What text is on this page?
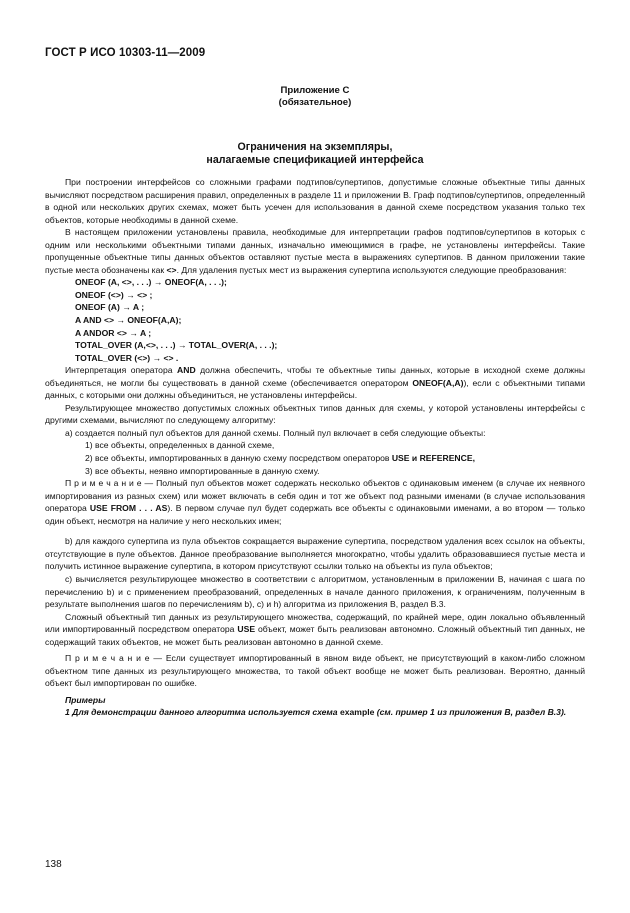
ГОСТ Р ИСО 10303-11—2009
Приложение С
(обязательное)
Ограничения на экземпляры,
налагаемые спецификацией интерфейса

При построении интерфейсов со сложными графами подтипов/супертипов, допустимые сложные объектные типы данных вычисляют посредством расширения правил, определенных в разделе 11 и приложении В. Граф подтипов/супертипов, определенный в одной или нескольких других схемах, может быть усечен для использования в данной схеме посредством указания только тех объектов, которые необходимы в данной схеме.

В настоящем приложении установлены правила, необходимые для интерпретации графов подтипов/супертипов в которых с одним или несколькими объектными типами данных, изначально имеющимися в графе, не установлены интерфейсы. Такие пропущенные объектные типы данных объектов оставляют пустые места в выражениях супертипов. В данном приложении такие пустые места обозначены как <>. Для удаления пустых мест из выражения супертипа используются следующие преобразования:

ONEOF (A, <>, . . .) → ONEOF(A, . . .);
ONEOF (<>) → <> ;
ONEOF (A) → A ;
A AND <> → ONEOF(A,A);
A ANDOR <> → A ;
TOTAL_OVER (A,<>, . . .) → TOTAL_OVER(A, . . .);
TOTAL_OVER (<>) → <> .

Интерпретация оператора AND должна обеспечить, чтобы те объектные типы данных, которые в исходной схеме должны объединяться, не могли бы существовать в данной схеме (обеспечивается оператором ONEOF(A,A)), если с объектными типами данных, с которыми они должны объединиться, не установлены интерфейсы.

Результирующее множество допустимых сложных объектных типов данных для схемы, у которой установлены интерфейсы с другими схемами, вычисляют по следующему алгоритму:

а) создается полный пул объектов для данной схемы. Полный пул включает в себя следующие объекты:

1) все объекты, определенных в данной схеме,
2) все объекты, импортированных в данную схему посредством операторов USE и REFERENCE,
3) все объекты, неявно импортированные в данную схему.

П р и м е ч а н и е — Полный пул объектов может содержать несколько объектов с одинаковым именем (в случае их неявного импортирования из разных схем) или может включать в себя один и тот же объект под разными именами (в случае использования оператора USE FROM . . . AS). В первом случае пул будет содержать все объекты с одинаковыми именами, а во втором — только один объект, несмотря на наличие у него нескольких имен;

b) для каждого супертипа из пула объектов сокращается выражение супертипа, посредством удаления всех ссылок на объекты, отсутствующие в пуле объектов. Данное преобразование выполняется многократно, чтобы удалить образовавшиеся пустые места и получить истинное выражение супертипа, в котором присутствуют ссылки только на объекты из пула объектов;

с) вычисляется результирующее множество в соответствии с алгоритмом, установленным в приложении В, начиная с шага по перечислению b) и с применением преобразований, определенных в начале данного приложения, к ограничениям, полученным в результате выполнения шагов по перечислениям b), с) и h) алгоритма из приложения В, раздел В.3.

Сложный объектный тип данных из результирующего множества, содержащий, по крайней мере, один локально объявленный или импортированный посредством оператора USE объект, может быть реализован автономно. Сложный объектный тип данных, не содержащий таких объектов, не может быть реализован автономно в данной схеме.

П р и м е ч а н и е — Если существует импортированный в явном виде объект, не присутствующий в каком-либо сложном объектном типе данных из результирующего множества, то такой объект вообще не может быть реализован. Вероятно, данный объект был импортирован по ошибке.

Примеры

1 Для демонстрации данного алгоритма используется схема example (см. пример 1 из приложения В, раздел В.3).

138
